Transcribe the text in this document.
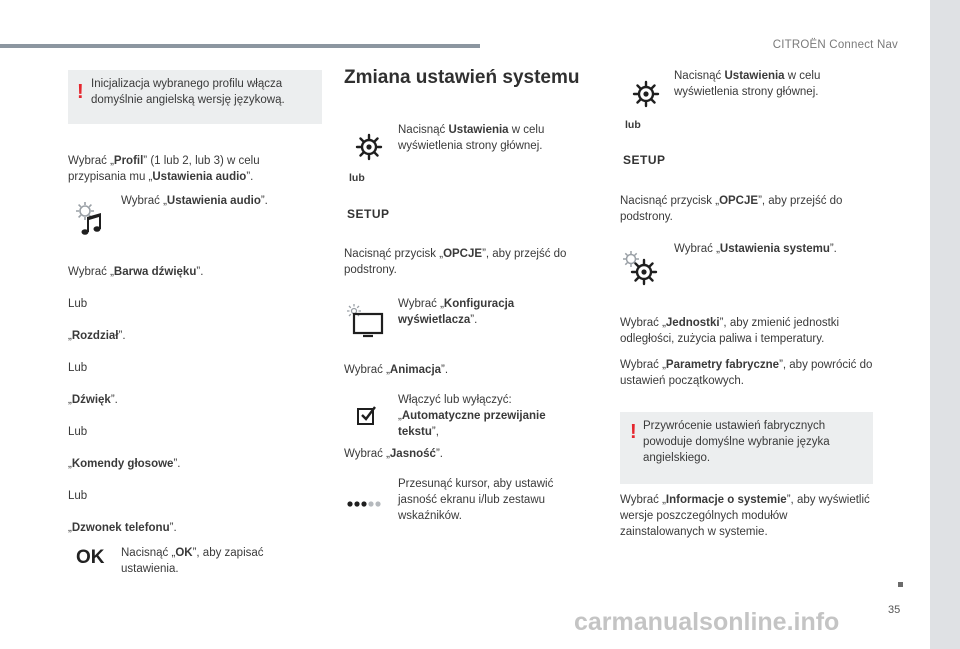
CITROËN Connect Nav
35
carmanualsonline.info
! Inicjalizacja wybranego profilu włącza domyślnie angielską wersję językową.
Wybrać „Profil” (1 lub 2, lub 3) w celu przypisania mu „Ustawienia audio”.
Wybrać „Ustawienia audio”.
Wybrać „Barwa dźwięku”.
Lub
„Rozdział”.
Lub
„Dźwięk”.
Lub
„Komendy głosowe”.
Lub
„Dzwonek telefonu”.
OK Nacisnąć „OK”, aby zapisać ustawienia.
Zmiana ustawień systemu
Nacisnąć Ustawienia w celu wyświetlenia strony głównej.
lub
SETUP
Nacisnąć przycisk „OPCJE”, aby przejść do podstrony.
Wybrać „Konfiguracja wyświetlacza”.
Wybrać „Animacja”.
Włączyć lub wyłączyć: „Automatyczne przewijanie tekstu”,
Wybrać „Jasność”.
Przesunąć kursor, aby ustawić jasność ekranu i/lub zestawu wskaźników.
Nacisnąć Ustawienia w celu wyświetlenia strony głównej.
lub
SETUP
Nacisnąć przycisk „OPCJE”, aby przejść do podstrony.
Wybrać „Ustawienia systemu”.
Wybrać „Jednostki”, aby zmienić jednostki odległości, zużycia paliwa i temperatury.
Wybrać „Parametry fabryczne”, aby powrócić do ustawień początkowych.
! Przywrócenie ustawień fabrycznych powoduje domyślne wybranie języka angielskiego.
Wybrać „Informacje o systemie”, aby wyświetlić wersje poszczególnych modułów zainstalowanych w systemie.
